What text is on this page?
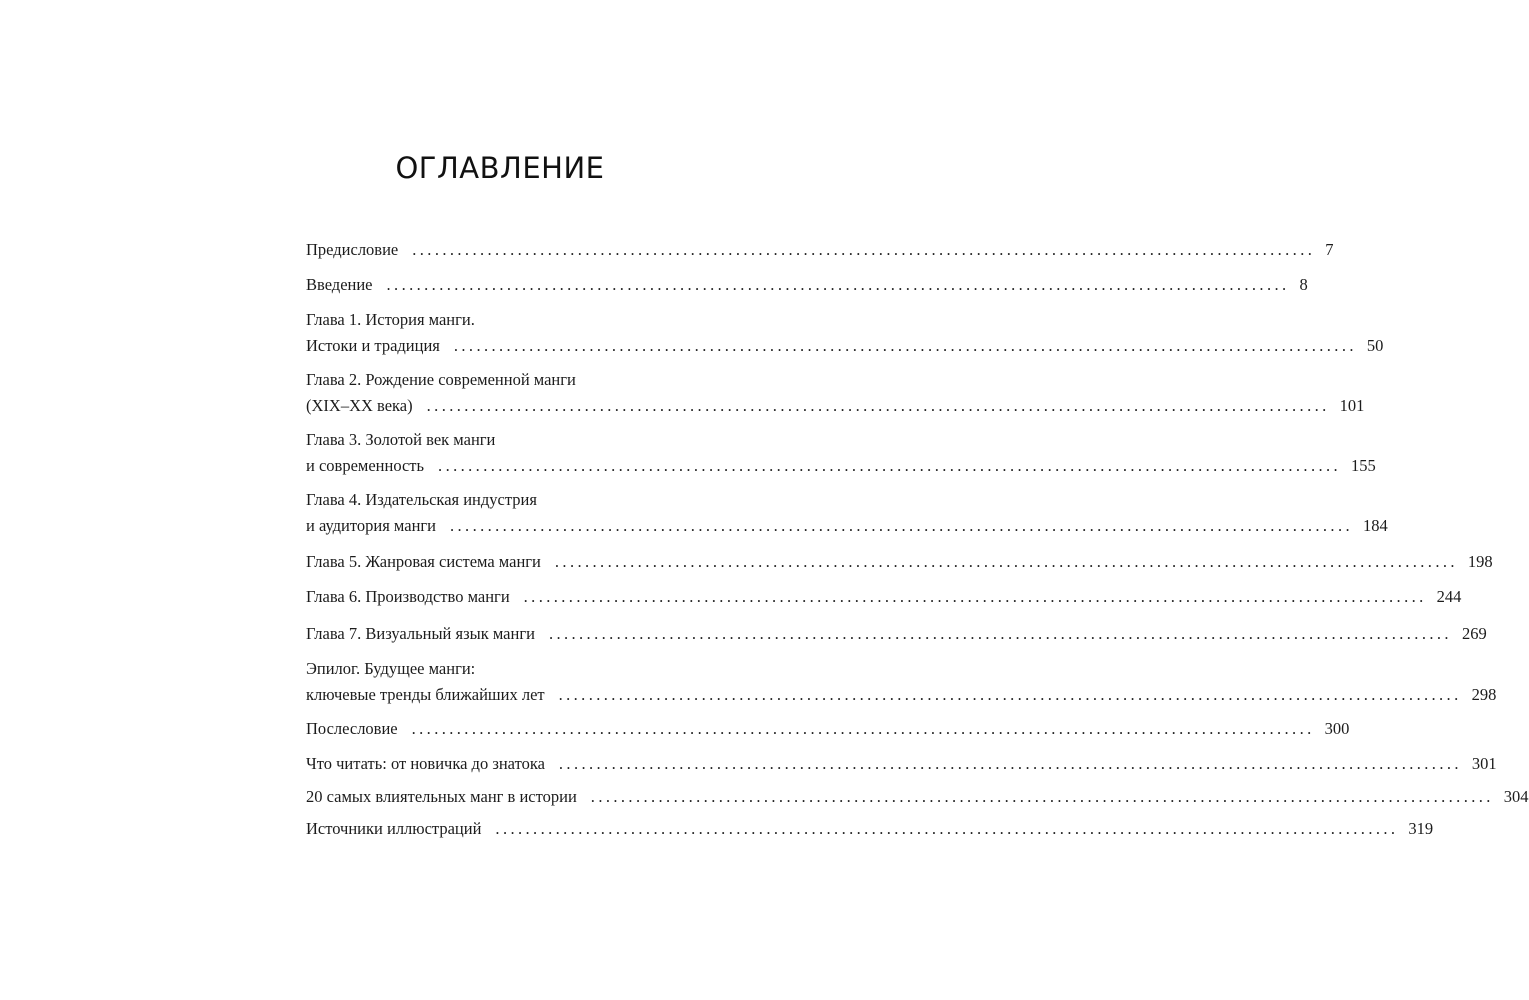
ОГЛАВЛЕНИЕ
Предисловие ........................................................................................................................ 7
Введение ........................................................................................................................ 8
Глава 1. История манги.
Истоки и традиция ........................................................................................................................ 50
Глава 2. Рождение современной манги
(XIX–XX века) ........................................................................................................................ 101
Глава 3. Золотой век манги
и современность ........................................................................................................................ 155
Глава 4. Издательская индустрия
и аудитория манги ........................................................................................................................ 184
Глава 5. Жанровая система манги ........................................................................................................................ 198
Глава 6. Производство манги ........................................................................................................................ 244
Глава 7. Визуальный язык манги ........................................................................................................................ 269
Эпилог. Будущее манги:
ключевые тренды ближайших лет ........................................................................................................................ 298
Послесловие ........................................................................................................................ 300
Что читать: от новичка до знатока ........................................................................................................................ 301
20 самых влиятельных манг в истории ........................................................................................................................ 304
Источники иллюстраций ........................................................................................................................ 319
